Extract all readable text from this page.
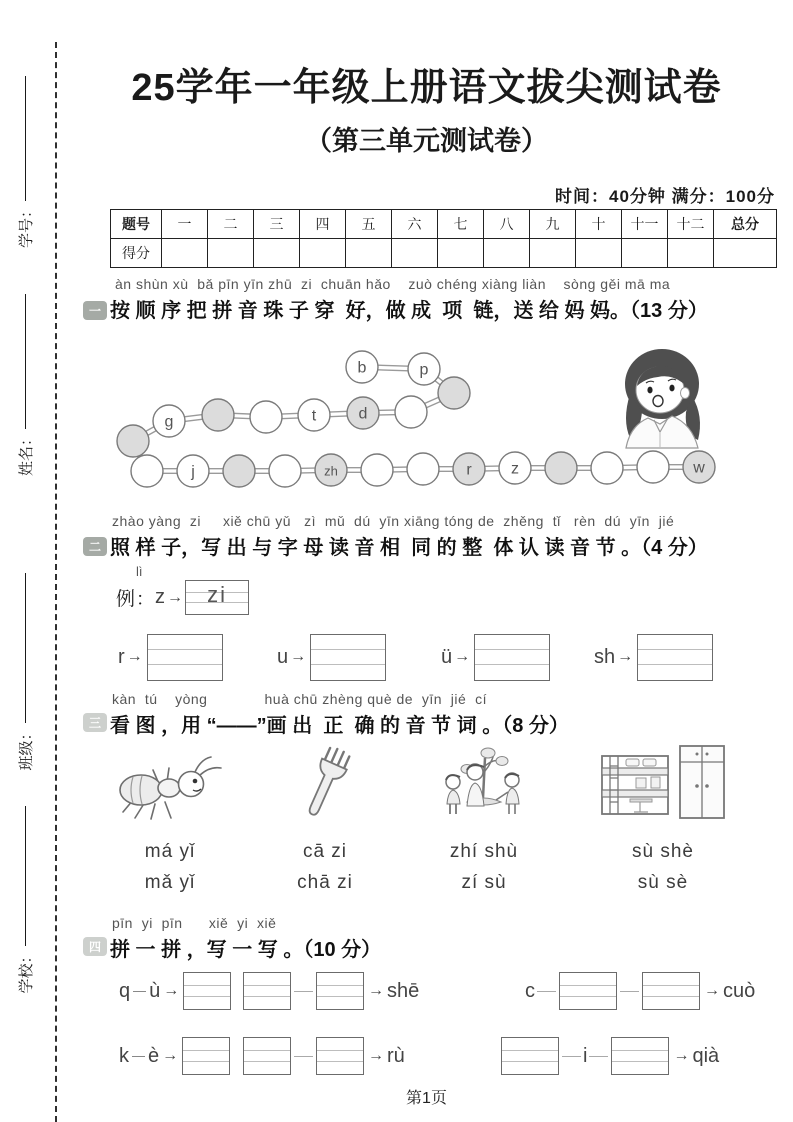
学号：
姓名：
班级：
学校：
25学年一年级上册语文拔尖测试卷
（第三单元测试卷）
时间：40分钟 满分：100分
题号	一	二	三	四	五	六	七	八	九	十	十一	十二	总分
得分													
一
àn shùn xù  bǎ pīn yīn zhū  zi  chuān hǎo    zuò chéng xiàng liàn    sòng gěi mā ma
按 顺 序 把 拼 音 珠 子 穿  好，做 成  项  链，送 给 妈 妈。（13 分）
b	p
d
t
g
j	zh	r z	w
二
zhào yàng  zi     xiě chū yǔ   zì  mǔ  dú  yīn xiāng tóng de  zhěng  tǐ   rèn  dú  yīn  jié
照 样 子，写 出 与 字 母 读 音 相  同 的 整  体 认 读 音 节 。（4 分）
lì
例 ： z →	zi
r →	u →	ü →	sh →
三
kàn  tú    yòng             huà chū zhèng què de  yīn  jié  cí
看 图 ，用 “——”画 出  正  确 的 音 节 词 。（8 分）
má yǐ
mǎ yǐ
cā zi
chā zi
zhí shù
zí sù
sù shè
sù sè
四
pīn  yi  pīn      xiě  yi  xiě
拼 一 拼 ，写 一 写 。（10 分）
q ù →	→ shē	c	→ cuò
k è →	→ rù	i	→ qià
第1页
